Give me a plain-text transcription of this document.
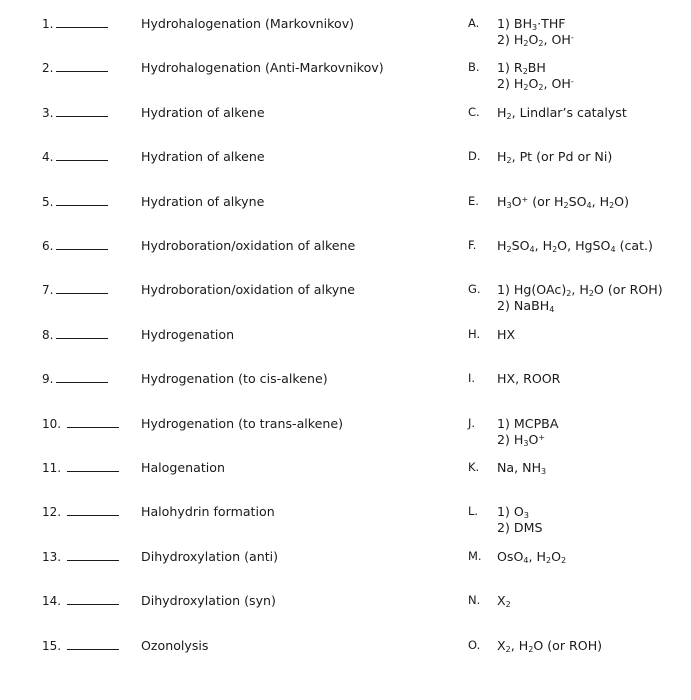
1.	Hydrohalogenation (Markovnikov)	A. 1) $BH_3\cdot THF$
2) $H_2O_2$, OH-
2.	Hydrohalogenation (Anti-Markovnikov)	B. 1) $R_2BH$
2) $H_2O_2$, OH-
3.	Hydration of alkene	C. $H_2$, Lindlar’s catalyst
4.	Hydration of alkene	D. $H_2$, Pt (or Pd or Ni)
5.	Hydration of alkyne	E. $H_3O^+$ (or $H_2SO_4$, $H_2O$)
6.	Hydroboration/oxidation of alkene	F. $H_2SO_4$, $H_2O$, HgSO$_4$ (cat.)
7.	Hydroboration/oxidation of alkyne	G. 1) $Hg(OAc)_2$, $H_2O$ (or ROH)
2) NaBH$_4$
8.	Hydrogenation	H. HX
9.	Hydrogenation (to cis-alkene)	I. HX, ROOR
10.	Hydrogenation (to trans-alkene)	J. 1) MCPBA
2) $H_3O^+$
11.	Halogenation	K. Na, $NH_3$
12.	Halohydrin formation	L. 1) $O_3$
2) DMS
13.	Dihydroxylation (anti)	M. OsO$_4$, $H_2O_2$
14.	Dihydroxylation (syn)	N. $X_2$
15.	Ozonolysis	O. $X_2$, $H_2O$ (or ROH)
